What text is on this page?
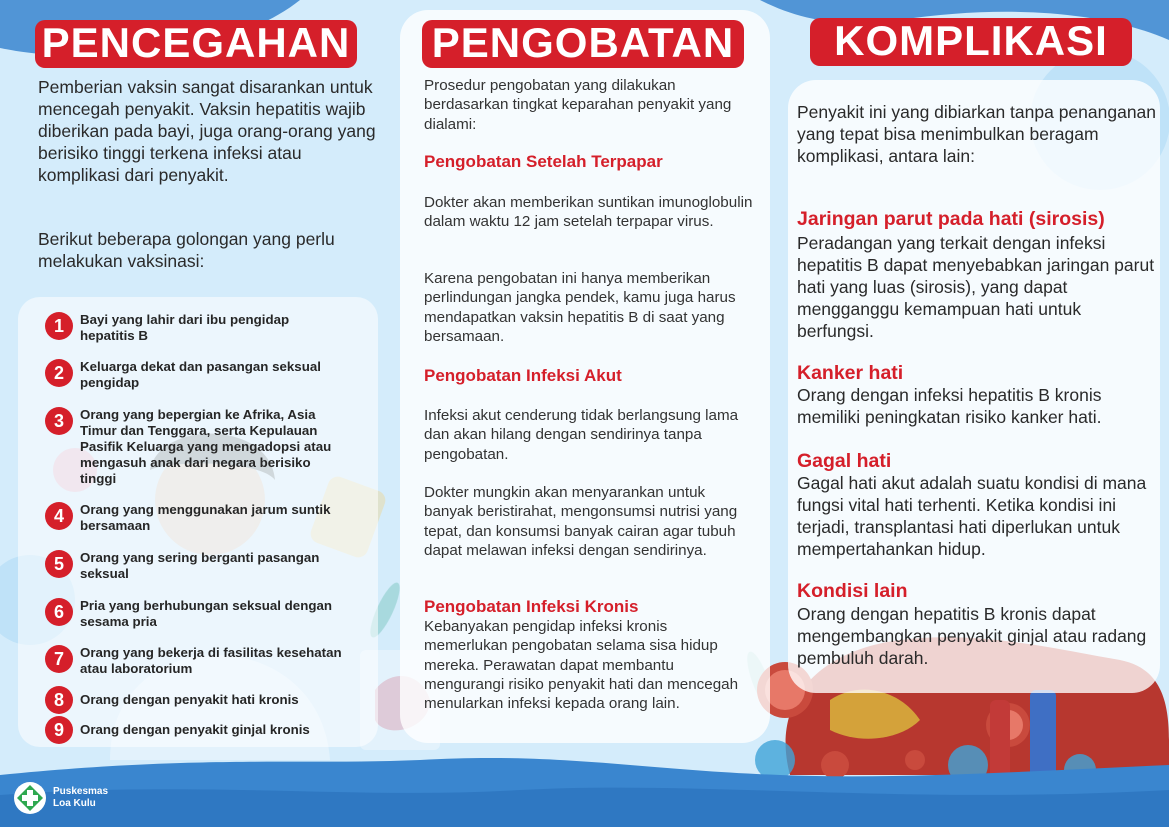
PENCEGAHAN
Pemberian vaksin sangat disarankan untuk mencegah penyakit. Vaksin hepatitis wajib diberikan pada bayi, juga orang-orang yang berisiko tinggi terkena infeksi atau komplikasi dari penyakit.
Berikut beberapa golongan yang perlu melakukan vaksinasi:
1	Bayi yang lahir dari ibu pengidap hepatitis B
2	Keluarga dekat dan pasangan seksual pengidap
3	Orang yang bepergian ke Afrika, Asia Timur dan Tenggara, serta Kepulauan Pasifik Keluarga yang mengadopsi atau mengasuh anak dari negara berisiko tinggi
4	Orang yang menggunakan jarum suntik bersamaan
5	Orang yang sering berganti pasangan seksual
6	Pria yang berhubungan seksual dengan sesama pria
7	Orang yang bekerja di fasilitas kesehatan atau laboratorium
8	Orang dengan penyakit hati kronis
9	Orang dengan penyakit ginjal kronis
PENGOBATAN
Prosedur pengobatan yang dilakukan berdasarkan tingkat keparahan penyakit yang dialami:
Pengobatan Setelah Terpapar
Dokter akan memberikan suntikan imunoglobulin dalam waktu 12 jam setelah terpapar virus.
Karena pengobatan ini hanya memberikan perlindungan jangka pendek, kamu juga harus mendapatkan vaksin hepatitis B di saat yang bersamaan.
Pengobatan Infeksi Akut
Infeksi akut cenderung tidak berlangsung lama dan akan hilang dengan sendirinya tanpa pengobatan.
Dokter mungkin akan menyarankan untuk banyak beristirahat, mengonsumsi nutrisi yang tepat, dan konsumsi banyak cairan agar tubuh dapat melawan infeksi dengan sendirinya.
Pengobatan Infeksi Kronis
Kebanyakan pengidap infeksi kronis memerlukan pengobatan selama sisa hidup mereka. Perawatan dapat membantu mengurangi risiko penyakit hati dan mencegah menularkan infeksi kepada orang lain.
KOMPLIKASI
Penyakit ini yang dibiarkan tanpa penanganan yang tepat bisa menimbulkan beragam komplikasi, antara lain:
Jaringan parut pada hati (sirosis)
Peradangan yang terkait dengan infeksi hepatitis B dapat menyebabkan jaringan parut hati yang luas (sirosis), yang dapat mengganggu kemampuan hati untuk berfungsi.
Kanker hati
Orang dengan infeksi hepatitis B kronis memiliki peningkatan risiko kanker hati.
Gagal hati
Gagal hati akut adalah suatu kondisi di mana fungsi vital hati terhenti. Ketika kondisi ini terjadi, transplantasi hati diperlukan untuk mempertahankan hidup.
Kondisi lain
Orang dengan hepatitis B kronis dapat mengembangkan penyakit ginjal atau radang pembuluh darah.
Puskesmas
Loa Kulu
